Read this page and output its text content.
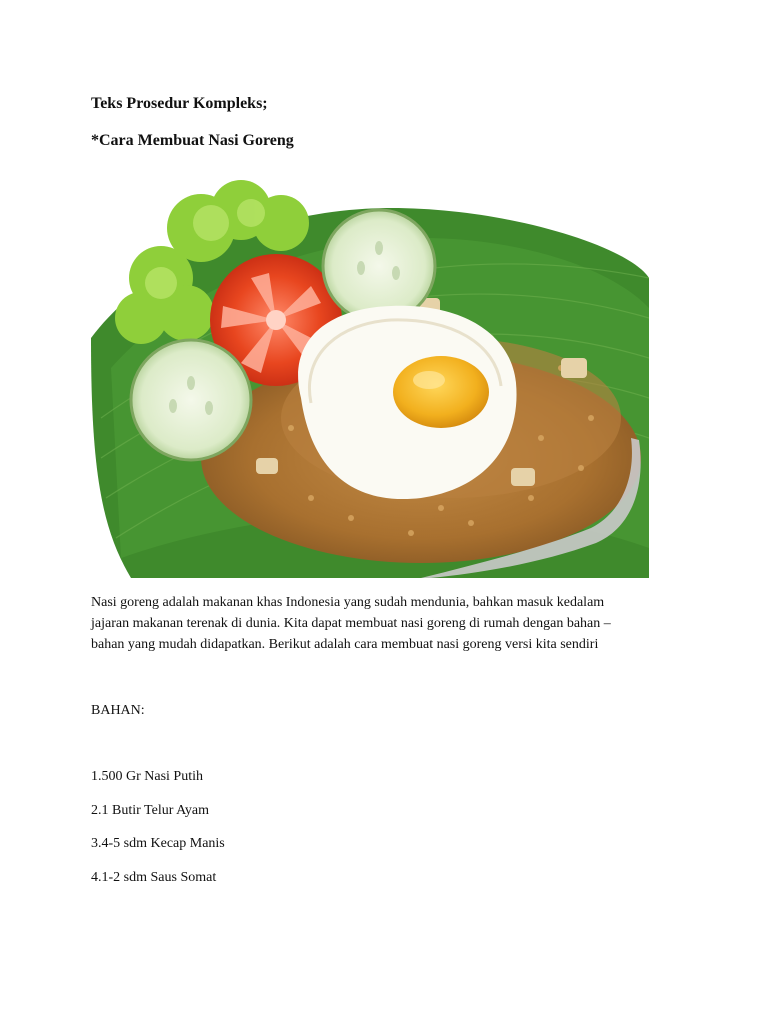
Teks Prosedur Kompleks;
*Cara Membuat Nasi Goreng

Nasi goreng adalah makanan khas Indonesia yang sudah mendunia, bahkan masuk kedalam

jajaran makanan terenak di dunia. Kita dapat membuat nasi goreng di rumah dengan bahan –

bahan yang mudah didapatkan. Berikut adalah cara membuat nasi goreng versi kita sendiri

BAHAN:
1.500 Gr Nasi Putih
2.1 Butir Telur Ayam
3.4-5 sdm Kecap Manis
4.1-2 sdm Saus Somat
